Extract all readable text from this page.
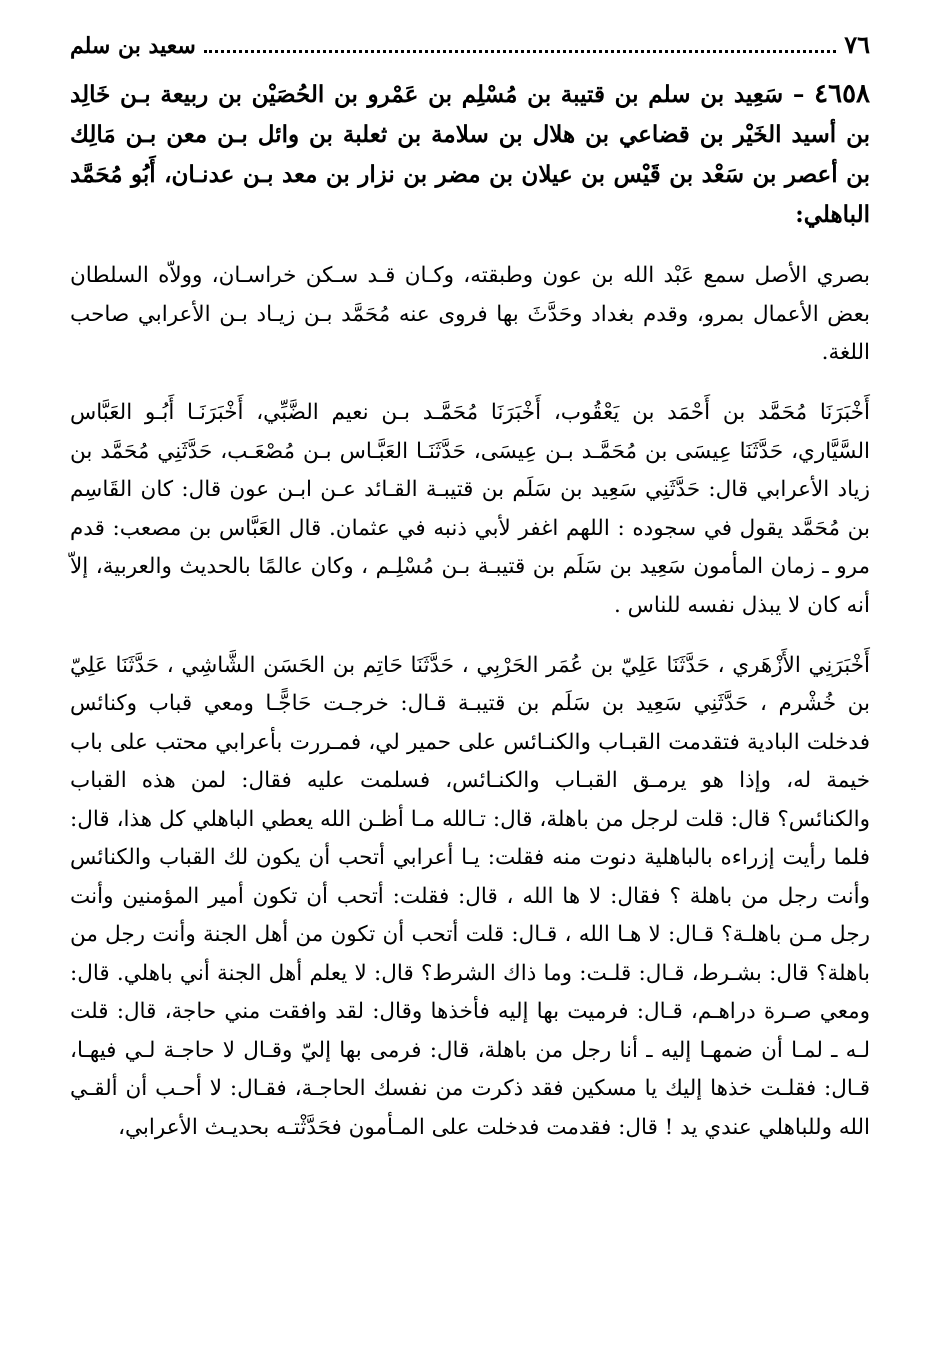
٧٦
سعيد بن سلم
٤٦٥٨ – سَعِيد بن سلم بن قتيبة بن مُسْلِم بن عَمْرو بن الحُصَيْن بن ربيعة بـن خَالِد بن أسيد الخَيْر بن قضاعي بن هلال بن سلامة بن ثعلبة بن وائل بـن معن بـن مَالِك بن أعصر بن سَعْد بن قَيْس بن عيلان بن مضر بن نزار بن معد بـن عدنـان، أَبُو مُحَمَّد الباهلي:

بصري الأصل سمع عَبْد الله بن عون وطبقته، وكـان قـد سـكن خراسـان، وولاّه السلطان بعض الأعمال بمرو، وقدم بغداد وحَدَّثَ بها فروى عنه مُحَمَّد بـن زيـاد بـن الأعرابي صاحب اللغة.

أَخْبَرَنَا مُحَمَّد بن أَحْمَد بن يَعْقُوب، أَخْبَرَنَا مُحَمَّـد بـن نعيم الضَّبِّي، أَخْبَرَنَـا أَبُـو العَبَّاس السَّيَّاري، حَدَّثَنَا عِيسَى بن مُحَمَّـد بـن عِيسَى، حَدَّثَنَـا العَبَّـاس بـن مُصْعَـب، حَدَّثَنِي مُحَمَّد بن زياد الأعرابي قال: حَدَّثَنِي سَعِيد بن سَلَم بن قتيبـة القـائد عـن ابـن عون قال: كان القَاسِم بن مُحَمَّد يقول في سجوده : اللهم اغفر لأبي ذنبه في عثمان. قال العَبَّاس بن مصعب: قدم مرو ـ زمان المأمون سَعِيد بن سَلَم بن قتيبـة بـن مُسْلِـم ، وكان عالمًا بالحديث والعربية، إلاّ أنه كان لا يبذل نفسه للناس .

أَخْبَرَنِي الأَزْهَري ، حَدَّثَنَا عَلِيّ بن عُمَر الحَرْبِي ، حَدَّثَنَا حَاتِم بن الحَسَن الشَّاشِي ، حَدَّثَنَا عَلِيّ بن خُشْرم ، حَدَّثَنِي سَعِيد بن سَلَم بن قتيبـة قـال: خرجـت حَاجًّـا ومعي قباب وكنائس فدخلت البادية فتقدمت القبـاب والكنـائس على حمير لي، فمـررت بأعرابي محتب على باب خيمة له، وإذا هو يرمـق القبـاب والكنـائس، فسلمت عليه فقال: لمن هذه القباب والكنائس؟ قال: قلت لرجل من باهلة، قال: تـالله مـا أظـن الله يعطي الباهلي كل هذا، قال: فلما رأيت إزراءه بالباهلية دنوت منه فقلت: يـا أعرابي أتحب أن يكون لك القباب والكنائس وأنت رجل من باهلة ؟ فقال: لا ها الله ، قال: فقلت: أتحب أن تكون أمير المؤمنين وأنت رجل مـن باهلـة؟ قـال: لا هـا الله ، قـال: قلت أتحب أن تكون من أهل الجنة وأنت رجل من باهلة؟ قال: بشـرط، قـال: قلـت: وما ذاك الشرط؟ قال: لا يعلم أهل الجنة أني باهلي. قال: ومعي صـرة دراهـم، قـال: فرميت بها إليه فأخذها وقال: لقد وافقت مني حاجة، قال: قلت لـه ـ لمـا أن ضمهـا إليه ـ أنا رجل من باهلة، قال: فرمى بها إليّ وقـال لا حاجـة لـي فيهـا، قـال: فقلـت خذها إليك يا مسكين فقد ذكرت من نفسك الحاجـة، فقـال: لا أحـب أن ألقـي الله وللباهلي عندي يد ! قال: فقدمت فدخلت على المـأمون فحَدَّثْتـه بحديـث الأعرابي،
